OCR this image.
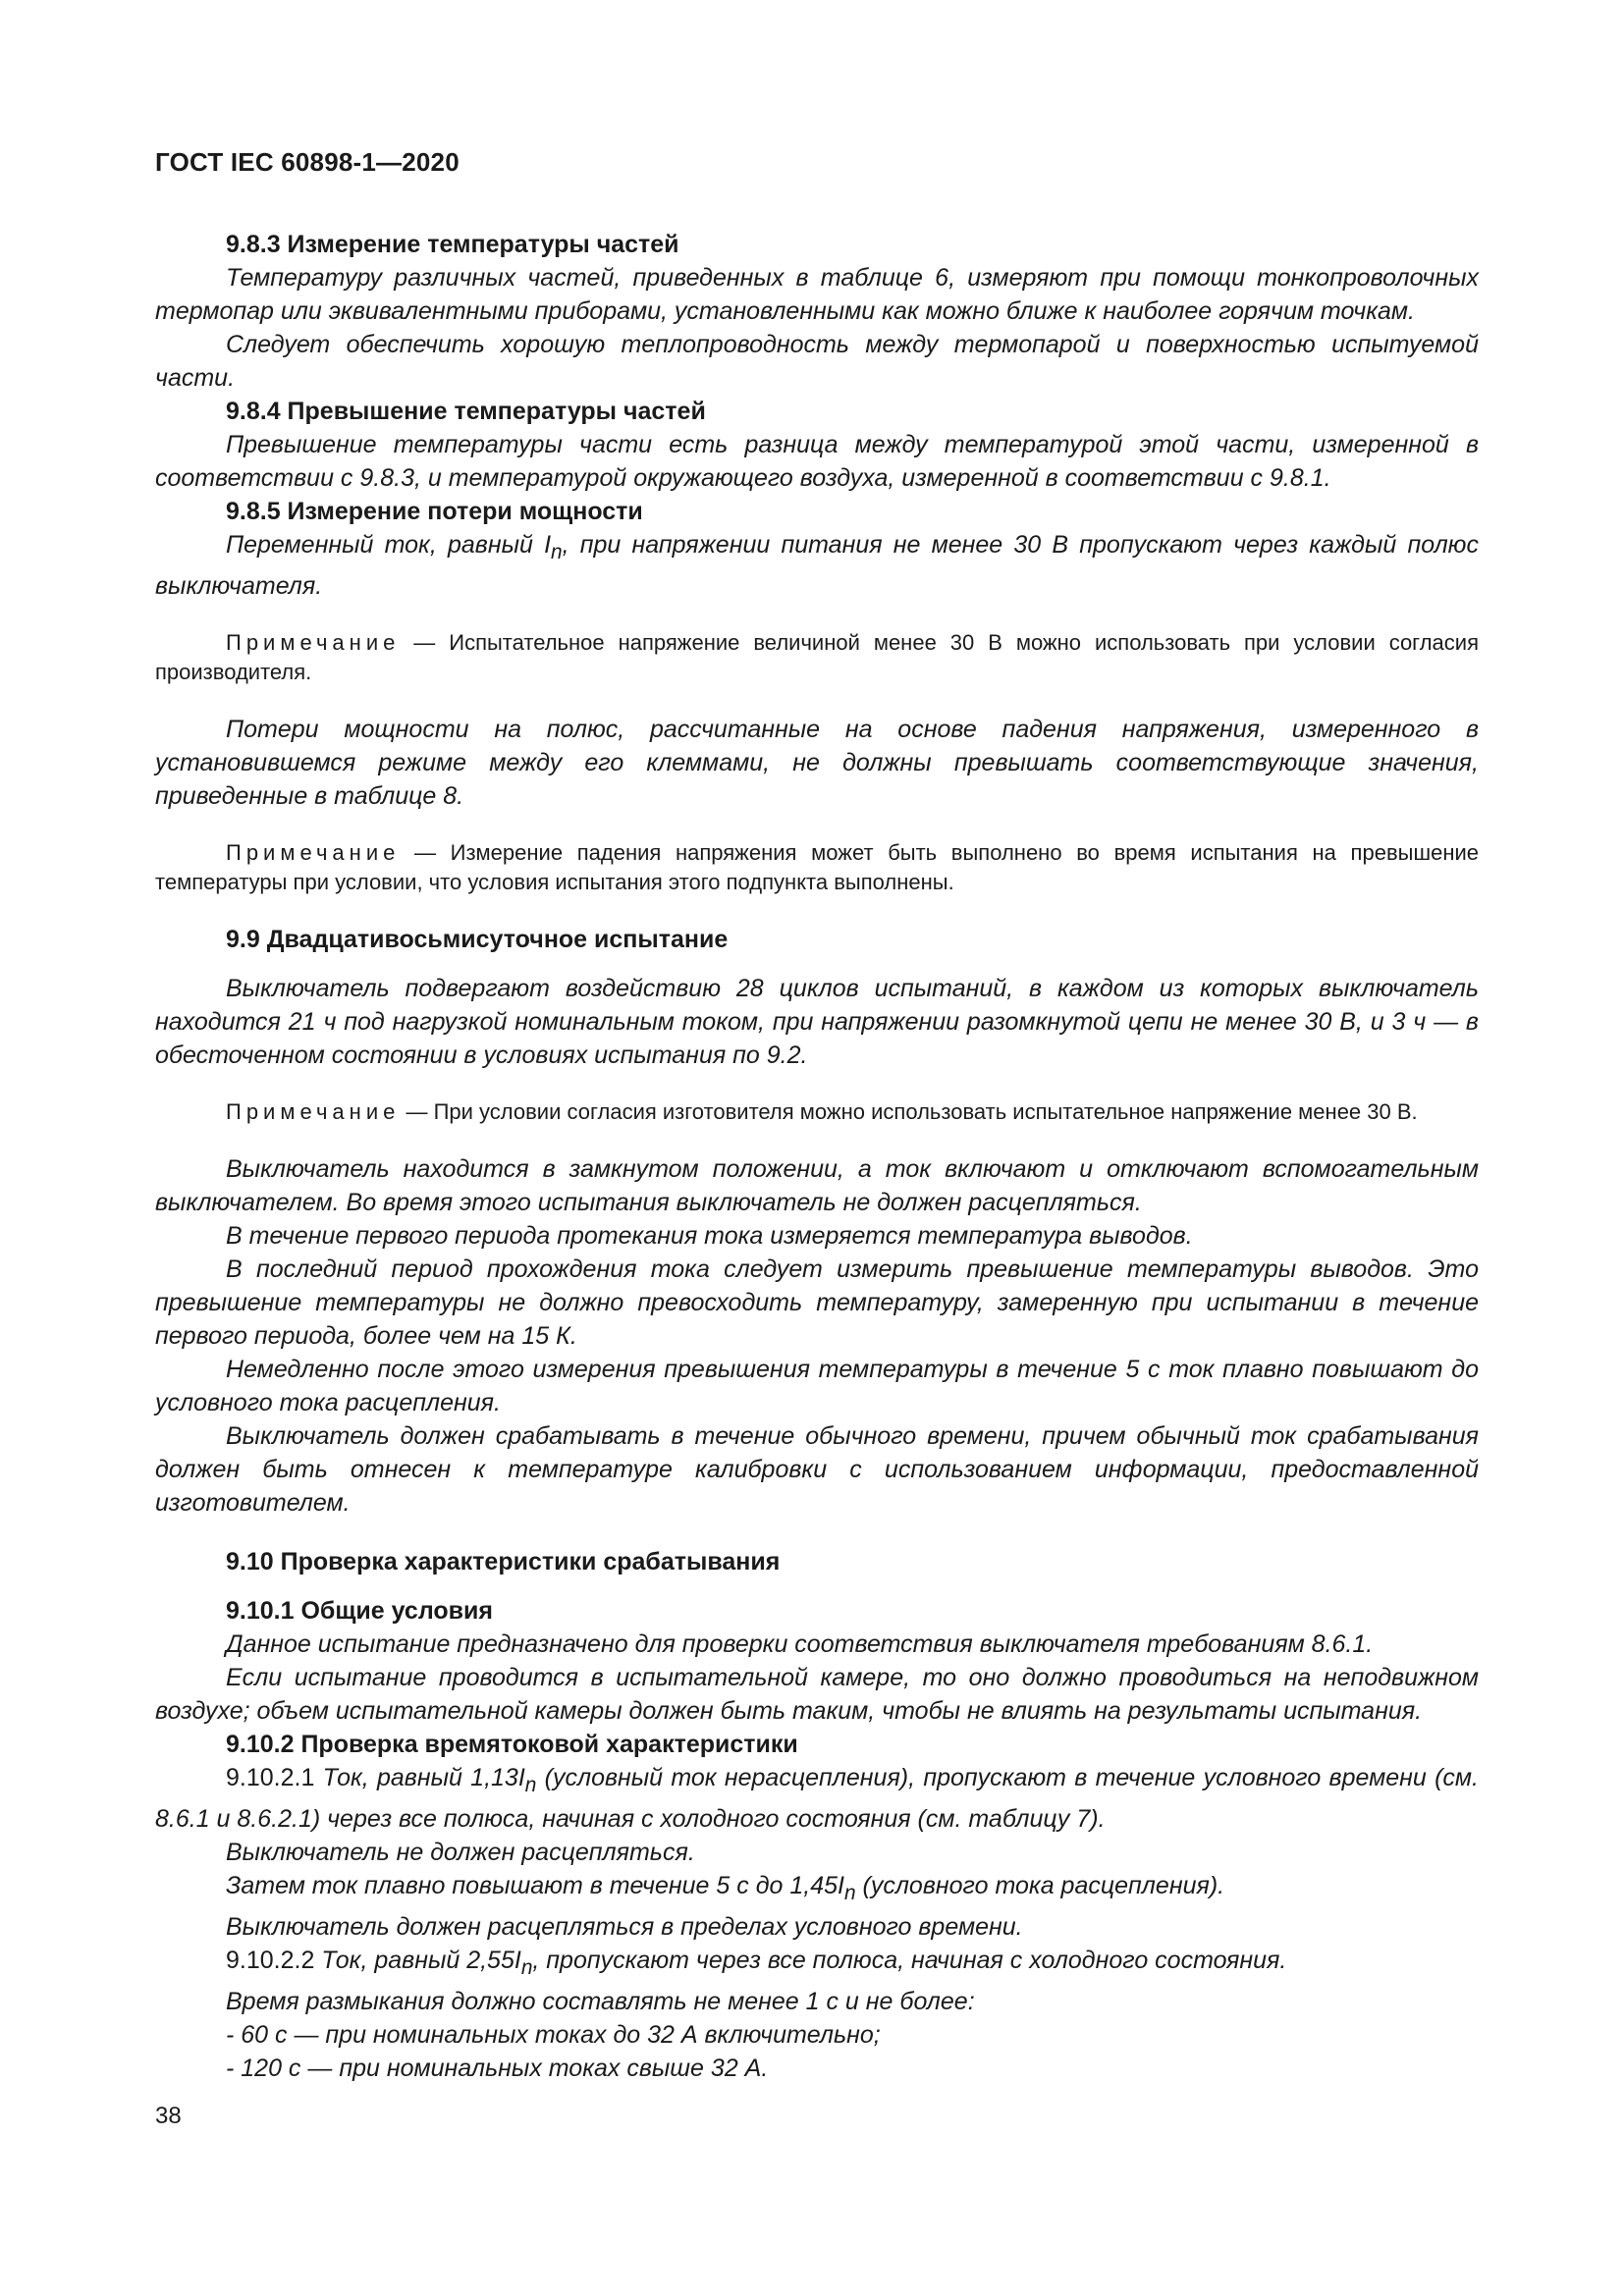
ГОСТ IEC 60898-1—2020

9.8.3 Измерение температуры частей

Температуру различных частей, приведенных в таблице 6, измеряют при помощи тонкопроволочных термопар или эквивалентными приборами, установленными как можно ближе к наиболее горячим точкам.

Следует обеспечить хорошую теплопроводность между термопарой и поверхностью испытуемой части.

9.8.4 Превышение температуры частей

Превышение температуры части есть разница между температурой этой части, измеренной в соответствии с 9.8.3, и температурой окружающего воздуха, измеренной в соответствии с 9.8.1.

9.8.5 Измерение потери мощности

Переменный ток, равный $I_n$, при напряжении питания не менее 30 В пропускают через каждый полюс выключателя.

Примечание — Испытательное напряжение величиной менее 30 В можно использовать при условии согласия производителя.

Потери мощности на полюс, рассчитанные на основе падения напряжения, измеренного в установившемся режиме между его клеммами, не должны превышать соответствующие значения, приведенные в таблице 8.

Примечание — Измерение падения напряжения может быть выполнено во время испытания на превышение температуры при условии, что условия испытания этого подпункта выполнены.

9.9 Двадцативосьмисуточное испытание

Выключатель подвергают воздействию 28 циклов испытаний, в каждом из которых выключатель находится 21 ч под нагрузкой номинальным током, при напряжении разомкнутой цепи не менее 30 В, и 3 ч — в обесточенном состоянии в условиях испытания по 9.2.

Примечание — При условии согласия изготовителя можно использовать испытательное напряжение менее 30 В.

Выключатель находится в замкнутом положении, а ток включают и отключают вспомогательным выключателем. Во время этого испытания выключатель не должен расцепляться.

В течение первого периода протекания тока измеряется температура выводов.

В последний период прохождения тока следует измерить превышение температуры выводов. Это превышение температуры не должно превосходить температуру, замеренную при испытании в течение первого периода, более чем на 15 К.

Немедленно после этого измерения превышения температуры в течение 5 с ток плавно повышают до условного тока расцепления.

Выключатель должен срабатывать в течение обычного времени, причем обычный ток срабатывания должен быть отнесен к температуре калибровки с использованием информации, предоставленной изготовителем.

9.10 Проверка характеристики срабатывания

9.10.1 Общие условия

Данное испытание предназначено для проверки соответствия выключателя требованиям 8.6.1.

Если испытание проводится в испытательной камере, то оно должно проводиться на неподвижном воздухе; объем испытательной камеры должен быть таким, чтобы не влиять на результаты испытания.

9.10.2 Проверка времятоковой характеристики

9.10.2.1 Ток, равный $1,13I_n$ (условный ток нерасцепления), пропускают в течение условного времени (см. 8.6.1 и 8.6.2.1) через все полюса, начиная с холодного состояния (см. таблицу 7).

Выключатель не должен расцепляться.

Затем ток плавно повышают в течение 5 с до $1,45I_n$ (условного тока расцепления).

Выключатель должен расцепляться в пределах условного времени.

9.10.2.2 Ток, равный $2,55I_n$, пропускают через все полюса, начиная с холодного состояния.

Время размыкания должно составлять не менее 1 с и не более:

- 60 с — при номинальных токах до 32 А включительно;

- 120 с — при номинальных токах свыше 32 А.

38
